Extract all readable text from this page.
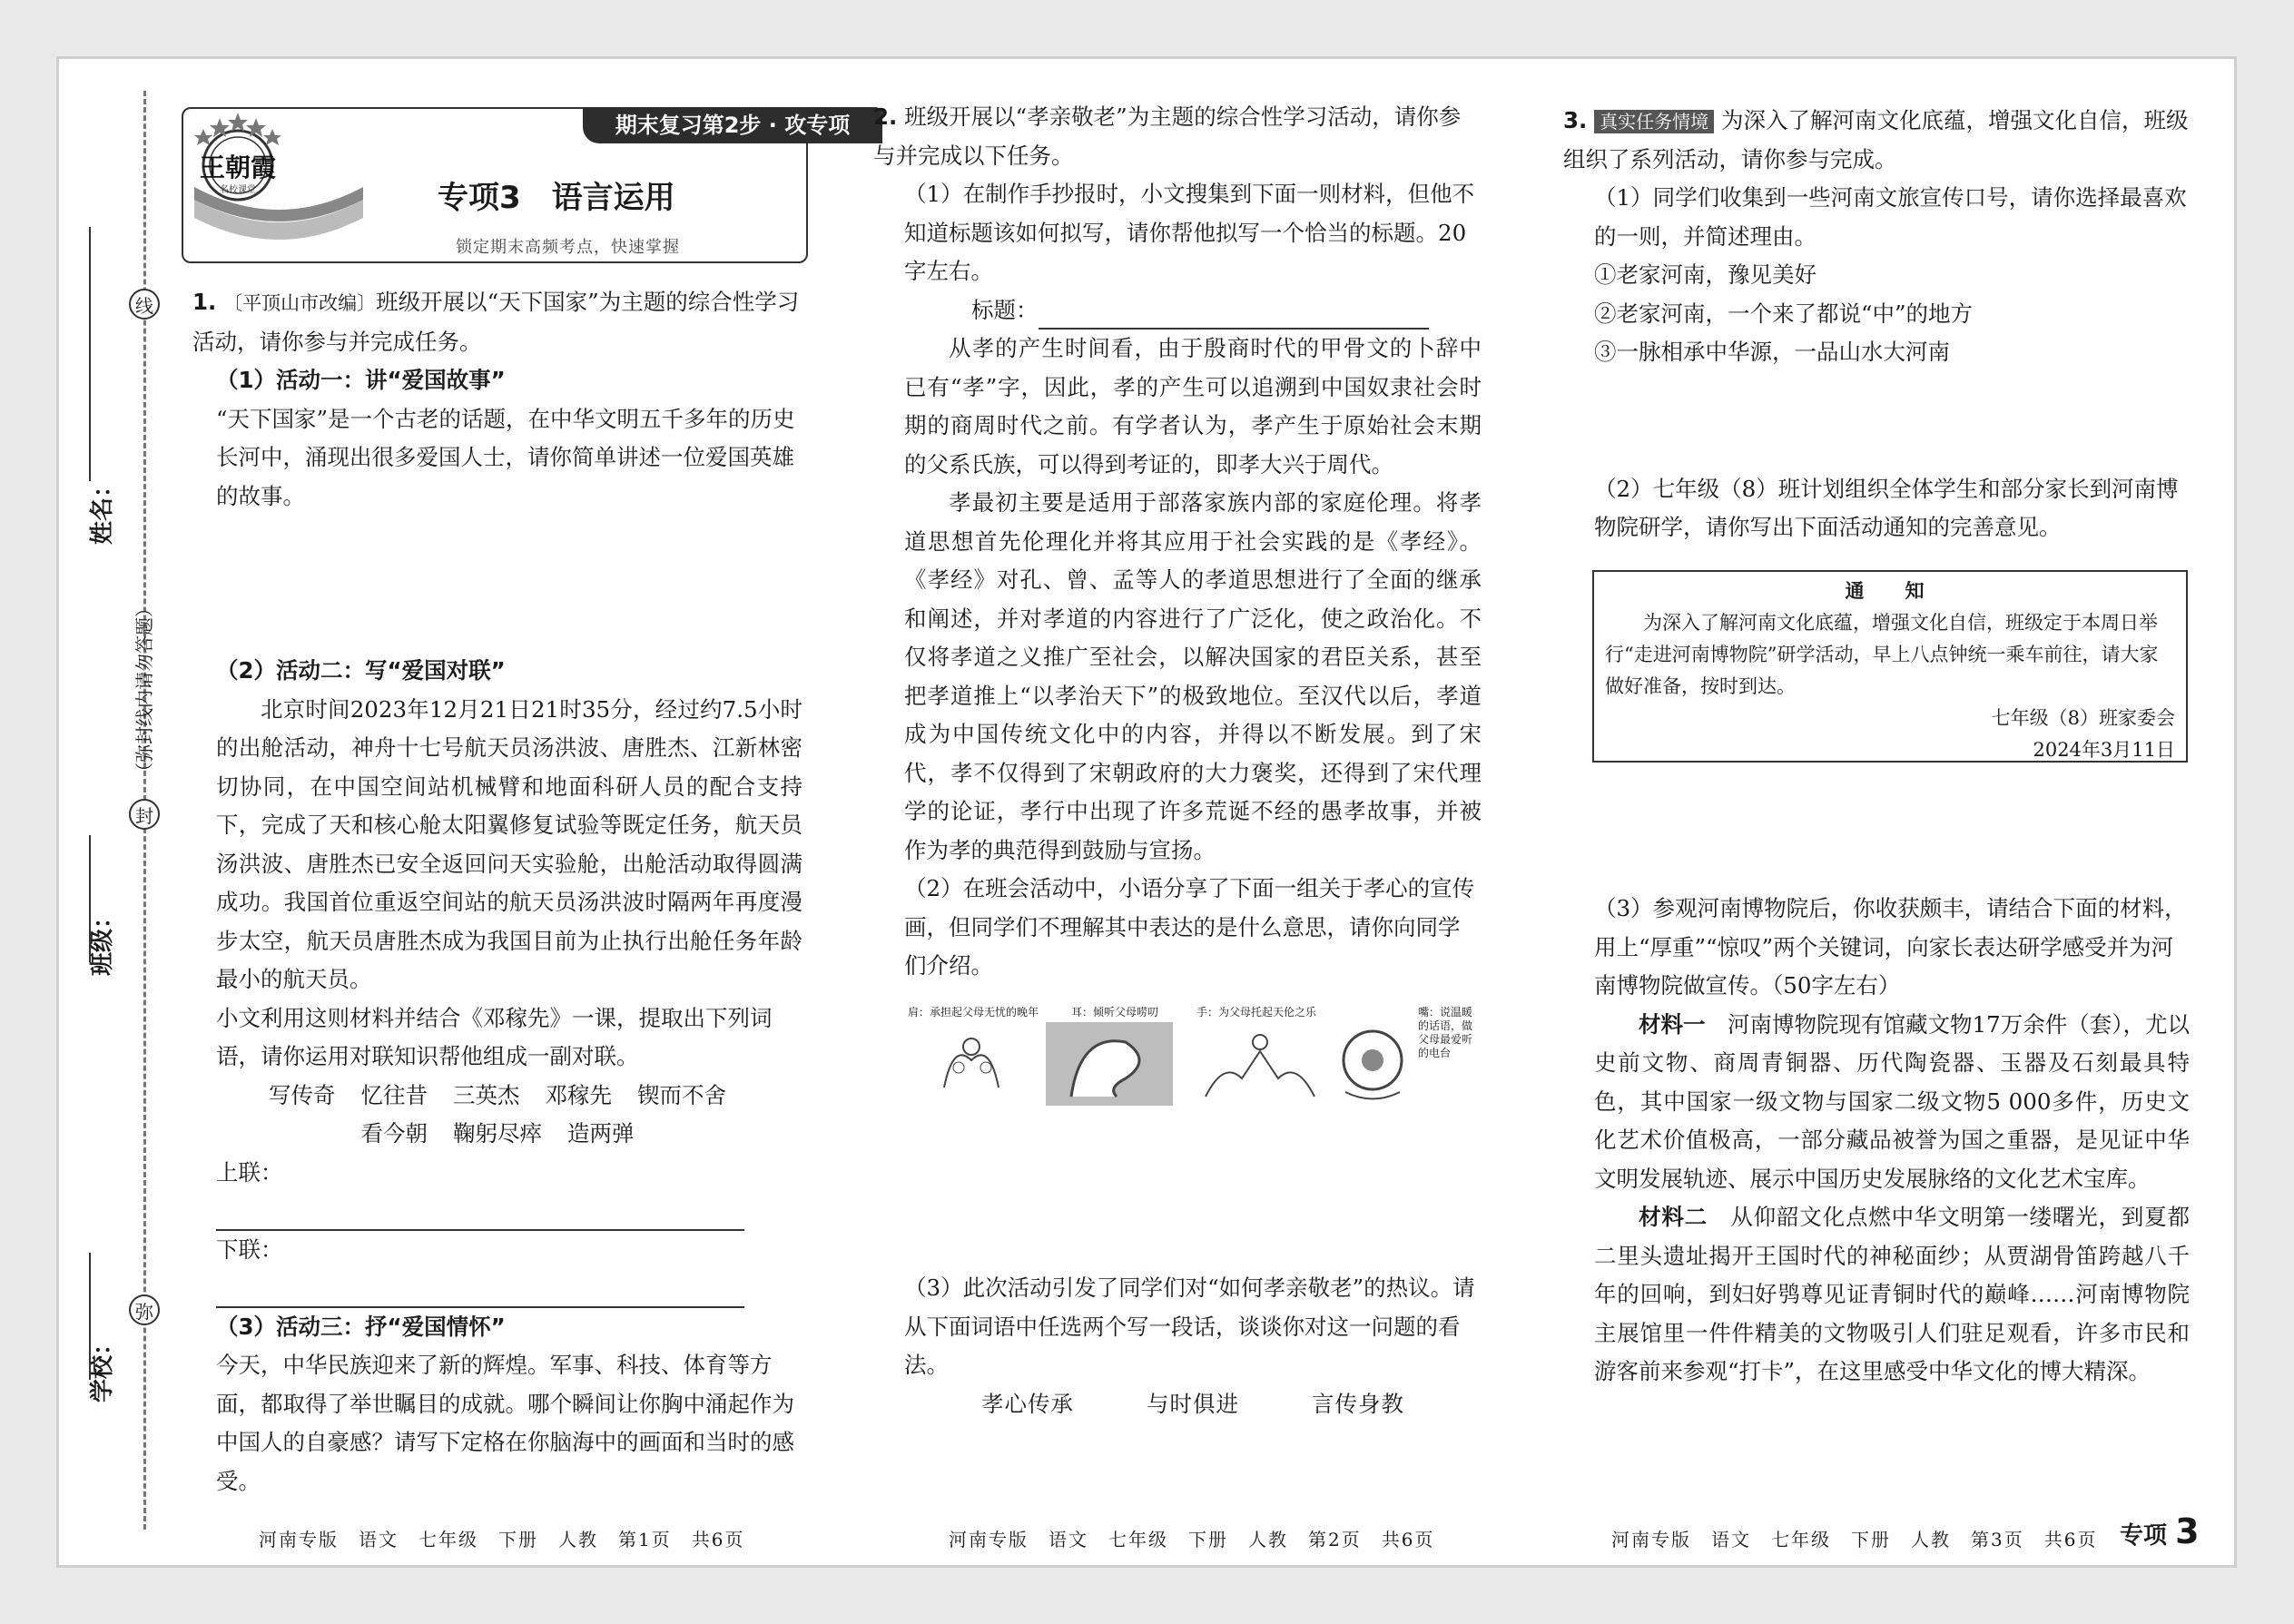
学校：
班级：
姓名：
线
封
弥
（弥封线内请勿答题）
王朝霞
名校课堂
期末复习第2步 · 攻专项
专项3　语言运用
锁定期末高频考点，快速掌握

1. 〔平顶山市改编〕班级开展以“天下国家”为主题的综合性学习活动，请你参与并完成任务。

（1）活动一：讲“爱国故事”

“天下国家”是一个古老的话题，在中华文明五千多年的历史长河中，涌现出很多爱国人士，请你简单讲述一位爱国英雄的故事。

（2）活动二：写“爱国对联”

北京时间2023年12月21日21时35分，经过约7.5小时的出舱活动，神舟十七号航天员汤洪波、唐胜杰、江新林密切协同，在中国空间站机械臂和地面科研人员的配合支持下，完成了天和核心舱太阳翼修复试验等既定任务，航天员汤洪波、唐胜杰已安全返回问天实验舱，出舱活动取得圆满成功。我国首位重返空间站的航天员汤洪波时隔两年再度漫步太空，航天员唐胜杰成为我国目前为止执行出舱任务年龄最小的航天员。

小文利用这则材料并结合《邓稼先》一课，提取出下列词语，请你运用对联知识帮他组成一副对联。

写传奇 忆往昔 三英杰 邓稼先 锲而不舍

看今朝 鞠躬尽瘁 造两弹

上联：

下联：

（3）活动三：抒“爱国情怀”

今天，中华民族迎来了新的辉煌。军事、科技、体育等方面，都取得了举世瞩目的成就。哪个瞬间让你胸中涌起作为中国人的自豪感？请写下定格在你脑海中的画面和当时的感受。

2. 班级开展以“孝亲敬老”为主题的综合性学习活动，请你参与并完成以下任务。

（1）在制作手抄报时，小文搜集到下面一则材料，但他不知道标题该如何拟写，请你帮他拟写一个恰当的标题。20字左右。

标题：

从孝的产生时间看，由于殷商时代的甲骨文的卜辞中已有“孝”字，因此，孝的产生可以追溯到中国奴隶社会时期的商周时代之前。有学者认为，孝产生于原始社会末期的父系氏族，可以得到考证的，即孝大兴于周代。

孝最初主要是适用于部落家族内部的家庭伦理。将孝道思想首先伦理化并将其应用于社会实践的是《孝经》。《孝经》对孔、曾、孟等人的孝道思想进行了全面的继承和阐述，并对孝道的内容进行了广泛化，使之政治化。不仅将孝道之义推广至社会，以解决国家的君臣关系，甚至把孝道推上“以孝治天下”的极致地位。至汉代以后，孝道成为中国传统文化中的内容，并得以不断发展。到了宋代，孝不仅得到了宋朝政府的大力褒奖，还得到了宋代理学的论证，孝行中出现了许多荒诞不经的愚孝故事，并被作为孝的典范得到鼓励与宣扬。

（2）在班会活动中，小语分享了下面一组关于孝心的宣传画，但同学们不理解其中表达的是什么意思，请你向同学们介绍。

肩：承担起父母无忧的晚年	耳：倾听父母唠叨	手：为父母托起天伦之乐	嘴：说温暖的话语，做父母最爱听的电台

（3）此次活动引发了同学们对“如何孝亲敬老”的热议。请从下面词语中任选两个写一段话，谈谈你对这一问题的看法。

孝心传承	与时俱进	言传身教

3. 真实任务情境 为深入了解河南文化底蕴，增强文化自信，班级组织了系列活动，请你参与完成。

（1）同学们收集到一些河南文旅宣传口号，请你选择最喜欢的一则，并简述理由。

①老家河南，豫见美好

②老家河南，一个来了都说“中”的地方

③一脉相承中华源，一品山水大河南

（2）七年级（8）班计划组织全体学生和部分家长到河南博物院研学，请你写出下面活动通知的完善意见。

通　知
为深入了解河南文化底蕴，增强文化自信，班级定于本周日举行“走进河南博物院”研学活动，早上八点钟统一乘车前往，请大家做好准备，按时到达。
七年级（8）班家委会
2024年3月11日

（3）参观河南博物院后，你收获颇丰，请结合下面的材料，用上“厚重”“惊叹”两个关键词，向家长表达研学感受并为河南博物院做宣传。（50字左右）

材料一　 河南博物院现有馆藏文物17万余件（套），尤以史前文物、商周青铜器、历代陶瓷器、玉器及石刻最具特色，其中国家一级文物与国家二级文物5 000多件，历史文化艺术价值极高，一部分藏品被誉为国之重器，是见证中华文明发展轨迹、展示中国历史发展脉络的文化艺术宝库。

材料二　 从仰韶文化点燃中华文明第一缕曙光，到夏都二里头遗址揭开王国时代的神秘面纱；从贾湖骨笛跨越八千年的回响，到妇好鸮尊见证青铜时代的巅峰……河南博物院主展馆里一件件精美的文物吸引人们驻足观看，许多市民和游客前来参观“打卡”，在这里感受中华文化的博大精深。

河南专版　语文　七年级　下册　人教　第1页　共6页	河南专版　语文　七年级　下册　人教　第2页　共6页	河南专版　语文　七年级　下册　人教　第3页　共6页 专项 3
